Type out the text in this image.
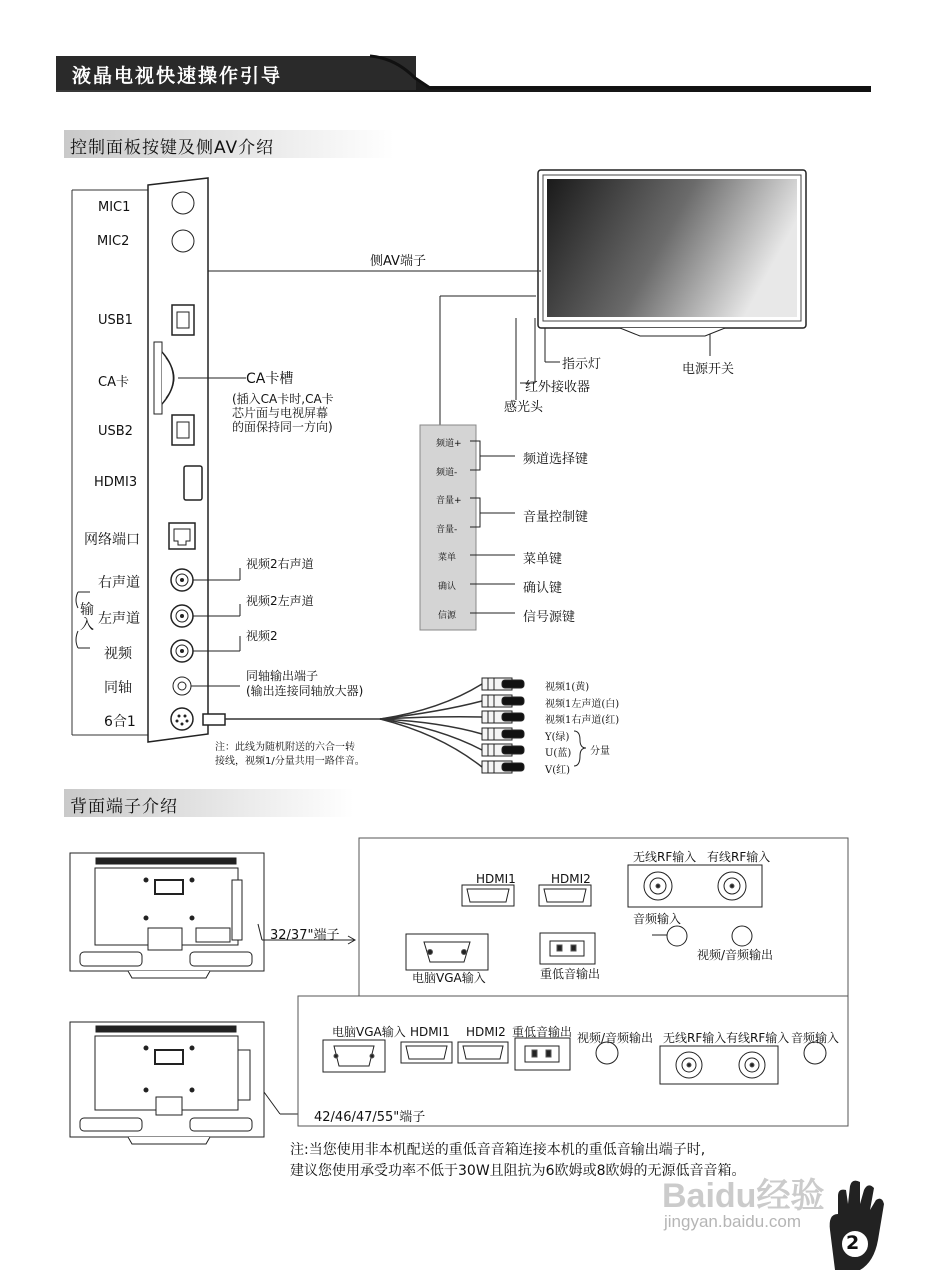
液晶电视快速操作引导
控制面板按键及侧AV介绍
MIC1
MIC2
USB1
CA卡
USB2
HDMI3
网络端口
右声道
输入 左声道
视频
同轴
6合1
侧AV端子
CA卡槽
(插入CA卡时,CA卡
芯片面与电视屏幕
的面保持同一方向)
视频2右声道
视频2左声道
视频2
同轴输出端子
(输出连接同轴放大器)
注：此线为随机附送的六合一转
接线，视频1/分量共用一路伴音。
指示灯	电源开关
红外接收器
感光头
频道+
频道-
音量+
音量-
菜单
确认
信源
频道选择键
音量控制键
菜单键
确认键
信号源键
视频1(黄)
视频1左声道(白)
视频1右声道(红)
Y(绿)
U(蓝)
V(红)
分量
背面端子介绍
32/37"端子
HDMI1	HDMI2
无线RF输入 有线RF输入
音频输入
视频/音频输出
电脑VGA输入	重低音输出
42/46/47/55"端子
电脑VGA输入 HDMI1 HDMI2 重低音输出 视频/音频输出 无线RF输入 有线RF输入 音频输入
注:当您使用非本机配送的重低音音箱连接本机的重低音输出端子时,
建议您使用承受功率不低于30W且阻抗为6欧姆或8欧姆的无源低音音箱。
Baidu经验
jingyan.baidu.com
2
